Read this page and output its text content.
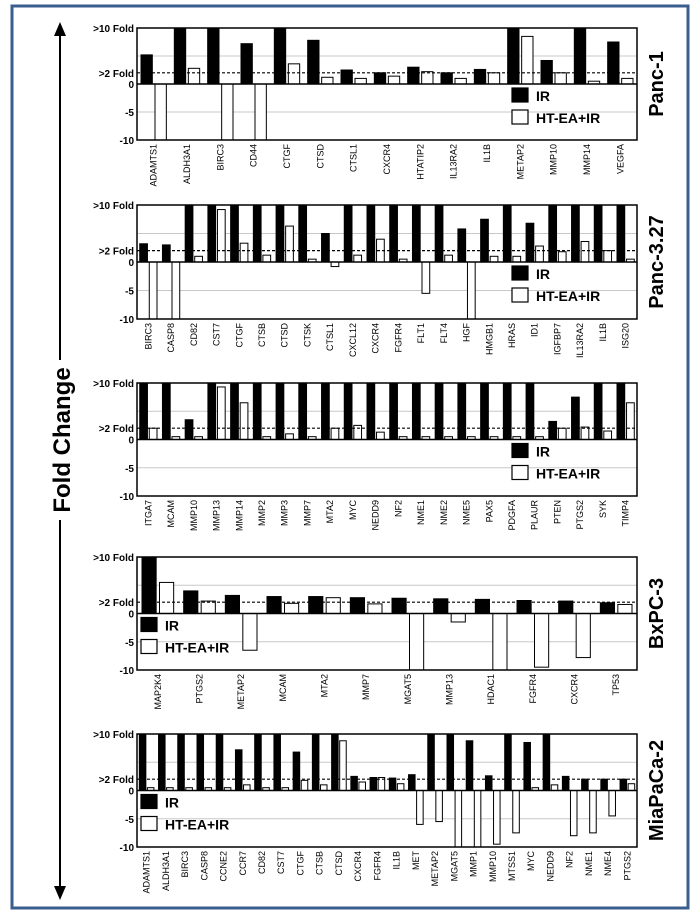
Fold Change
ADAMTS1	ALDH3A1	BIRC3	CD44	CTGF	CTSD	CTSL1	CXCR4	HTATIP2	IL13RA2	IL1B	METAP2	MMP10	MMP14	VEGFA
>10 Fold
>2 Fold
0
-5
-10
IR
HT-EA+IR
Panc-1
BIRC3 CASP8 CD82 CST7 CTGF CTSB CTSD CTSK CTSL1 CXCL12 CXCR4 FGFR4 FLT1 FLT4 HGF HMGB1 HRAS ID1 IGFBP7 IL13RA2 IL1B ISG20
>10 Fold
>2 Fold
0
-5
-10
IR
HT-EA+IR Panc-3.27
ITGA7 MCAM MMP10 MMP13 MMP14 MMP2 MMP3 MMP7 MTA2 MYC NEDD9 NF2 NME1 NME2 NME5 PAX5 PDGFA PLAUR PTEN PTGS2 SYK TIMP4
>10 Fold
>2 Fold
0
-5
-10
IR
HT-EA+IR
MAP2K4	PTGS2	METAP2	MCAM	MTA2	MMP7	MGAT5	MMP13	HDAC1	FGFR4	CXCR4	TP53
>10 Fold
>2 Fold
0
-5
-10
IR
HT-EA+IR	BxPC-3
ADAMTS1 ALDH3A1 BIRC3 CASP8 CCNE2 CCR7 CD82 CST7 CTGF CTSB CTSD CXCR4 FGFR4 IL1B MET METAP2 MGAT5 MMP1 MMP10 MTSS1 MYC NEDD9 NF2 NME1 NME4 PTGS2
>10 Fold
>2 Fold
0
-5
-10
IR
HT-EA+IR	MiaPaCa-2
